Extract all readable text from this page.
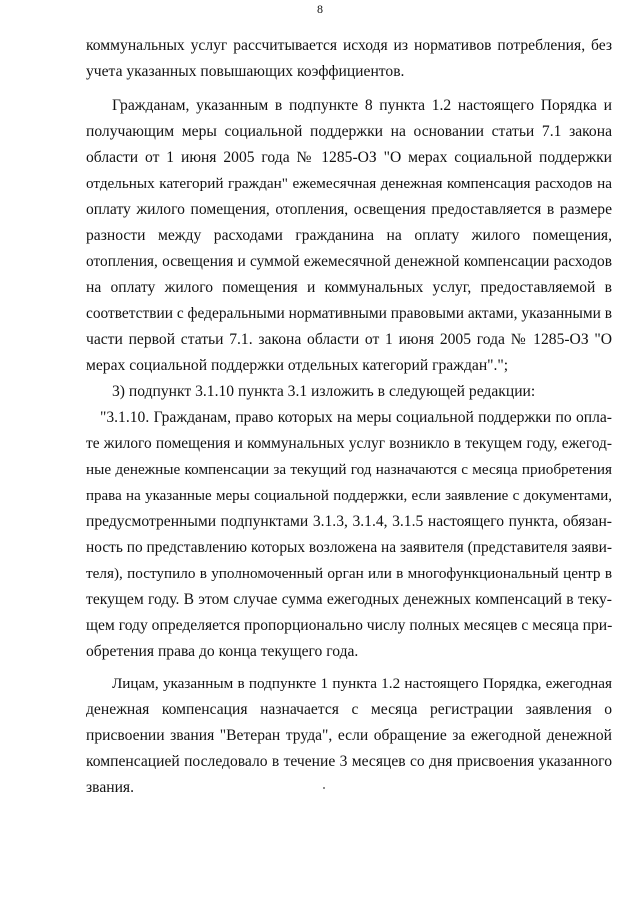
8
коммунальных услуг рассчитывается исходя из нормативов потребления, без
учета указанных повышающих коэффициентов.
Гражданам, указанным в подпункте 8 пункта 1.2 настоящего Порядка и
получающим меры социальной поддержки на основании статьи 7.1 закона
области от 1 июня 2005 года № 1285-ОЗ "О мерах социальной поддержки
отдельных категорий граждан" ежемесячная денежная компенсация расходов на
оплату жилого помещения, отопления, освещения предоставляется в размере
разности между расходами гражданина на оплату жилого помещения,
отопления, освещения и суммой ежемесячной денежной компенсации расходов
на оплату жилого помещения и коммунальных услуг, предоставляемой в
соответствии с федеральными нормативными правовыми актами, указанными в
части первой статьи 7.1. закона области от 1 июня 2005 года № 1285-ОЗ "О
мерах социальной поддержки отдельных категорий граждан".";
3) подпункт 3.1.10 пункта 3.1 изложить в следующей редакции:
"3.1.10. Гражданам, право которых на меры социальной поддержки по опла-
те жилого помещения и коммунальных услуг возникло в текущем году, ежегод-
ные денежные компенсации за текущий год назначаются с месяца приобретения
права на указанные меры социальной поддержки, если заявление с документами,
предусмотренными подпунктами 3.1.3, 3.1.4, 3.1.5 настоящего пункта, обязан-
ность по представлению которых возложена на заявителя (представителя заяви-
теля), поступило в уполномоченный орган или в многофункциональный центр в
текущем году. В этом случае сумма ежегодных денежных компенсаций в теку-
щем году определяется пропорционально числу полных месяцев с месяца при-
обретения права до конца текущего года.
Лицам, указанным в подпункте 1 пункта 1.2 настоящего Порядка, ежегодная
денежная компенсация назначается с месяца регистрации заявления о
присвоении звания "Ветеран труда", если обращение за ежегодной денежной
компенсацией последовало в течение 3 месяцев со дня присвоения указанного
звания.
